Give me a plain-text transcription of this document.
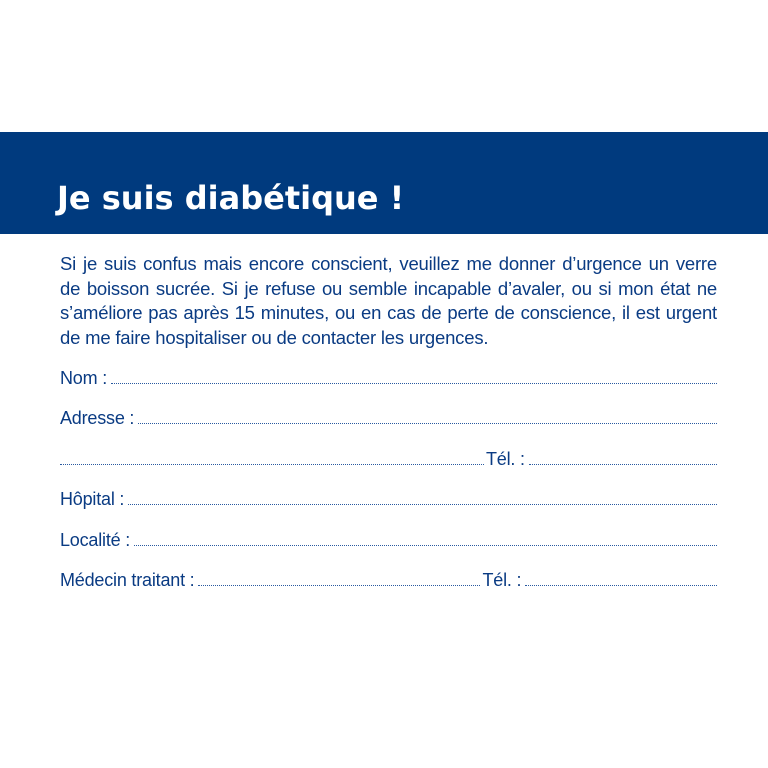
Je suis diabétique !

Si je suis confus mais encore conscient, veuillez me donner d’urgence un verre de boisson sucrée. Si je refuse ou semble incapable d’avaler, ou si mon état ne s’améliore pas après 15 minutes, ou en cas de perte de conscience, il est urgent de me faire hospitaliser ou de contacter les urgences.

Nom :
Adresse :
Tél. :
Hôpital :
Localité :
Médecin traitant :	Tél. :
